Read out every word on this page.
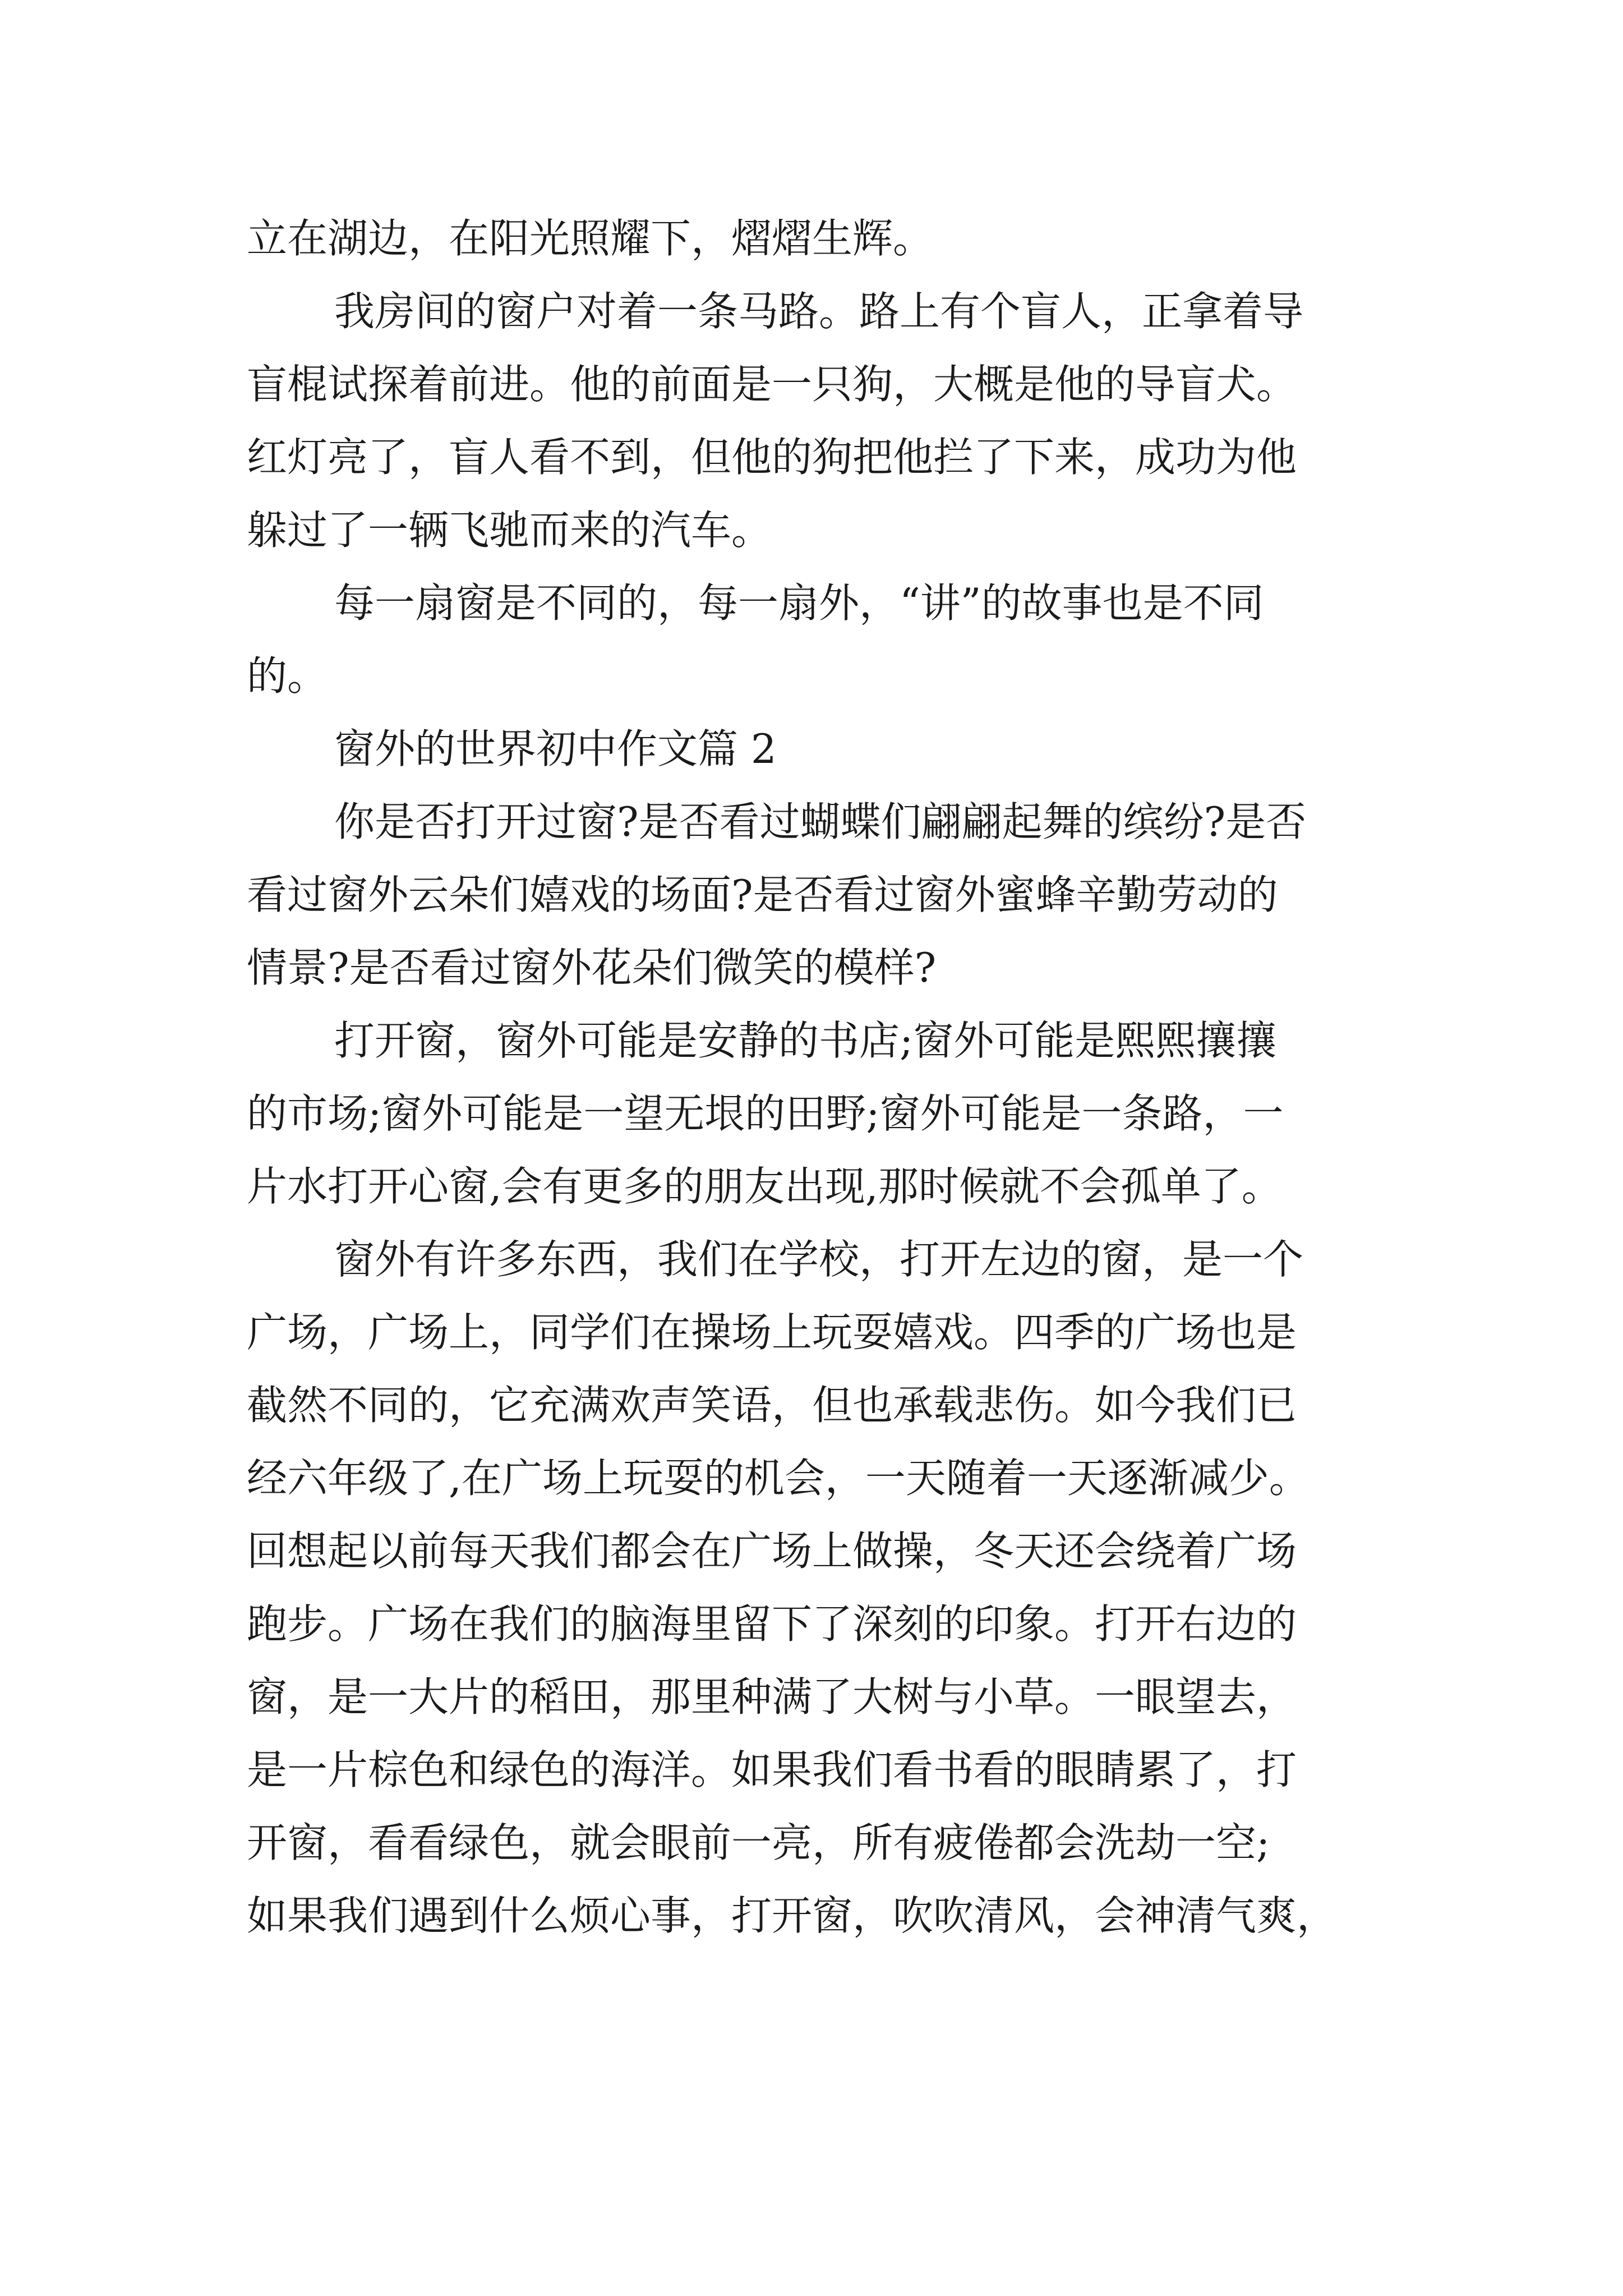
立在湖边，在阳光照耀下，熠熠生辉。
我房间的窗户对着一条马路。路上有个盲人，正拿着导
盲棍试探着前进。他的前面是一只狗，大概是他的导盲犬。
红灯亮了，盲人看不到，但他的狗把他拦了下来，成功为他
躲过了一辆飞驰而来的汽车。
每一扇窗是不同的，每一扇外，“讲”的故事也是不同
的。
窗外的世界初中作文篇 2
你是否打开过窗?是否看过蝴蝶们翩翩起舞的缤纷?是否
看过窗外云朵们嬉戏的场面?是否看过窗外蜜蜂辛勤劳动的
情景?是否看过窗外花朵们微笑的模样?
打开窗，窗外可能是安静的书店;窗外可能是熙熙攘攘
的市场;窗外可能是一望无垠的田野;窗外可能是一条路，一
片水打开心窗,会有更多的朋友出现,那时候就不会孤单了。
窗外有许多东西，我们在学校，打开左边的窗，是一个
广场，广场上，同学们在操场上玩耍嬉戏。四季的广场也是
截然不同的，它充满欢声笑语，但也承载悲伤。如今我们已
经六年级了,在广场上玩耍的机会，一天随着一天逐渐减少。
回想起以前每天我们都会在广场上做操，冬天还会绕着广场
跑步。广场在我们的脑海里留下了深刻的印象。打开右边的
窗，是一大片的稻田，那里种满了大树与小草。一眼望去，
是一片棕色和绿色的海洋。如果我们看书看的眼睛累了，打
开窗，看看绿色，就会眼前一亮，所有疲倦都会洗劫一空;
如果我们遇到什么烦心事，打开窗，吹吹清风，会神清气爽，
